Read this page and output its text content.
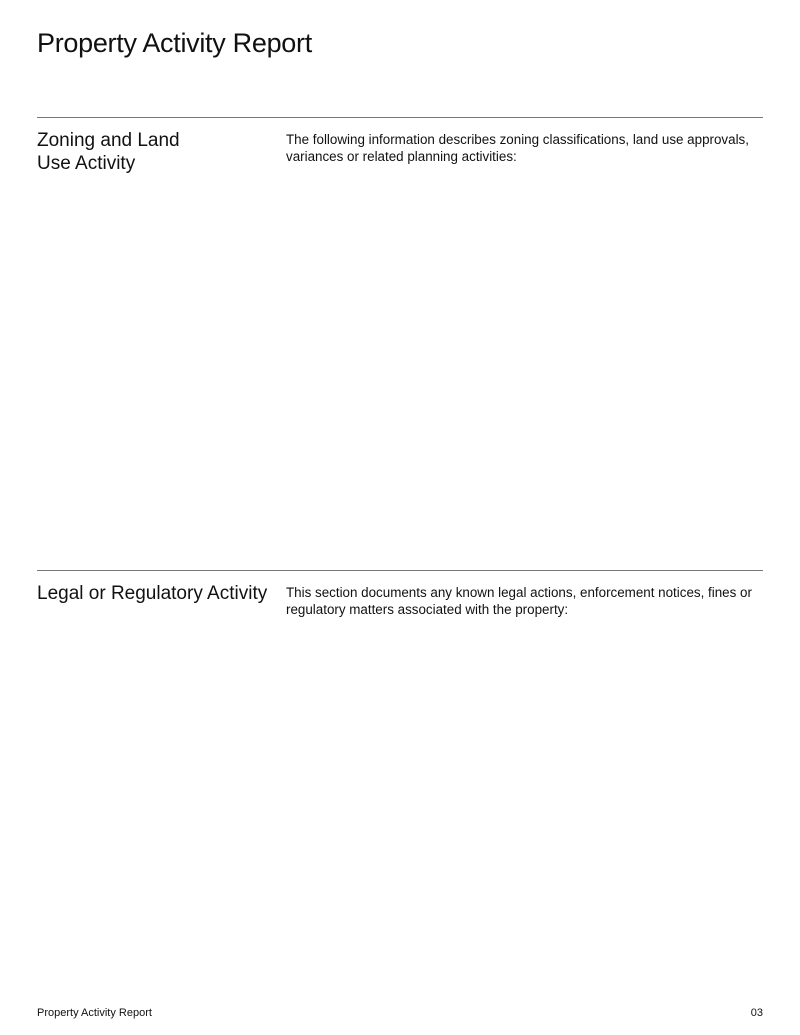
Property Activity Report
Zoning and Land Use Activity

The following information describes zoning classifications, land use approvals, variances or related planning activities:

Legal or Regulatory Activity	This section documents any known legal actions, enforcement notices, fines or regulatory matters associated with the property:

Property Activity Report	03
